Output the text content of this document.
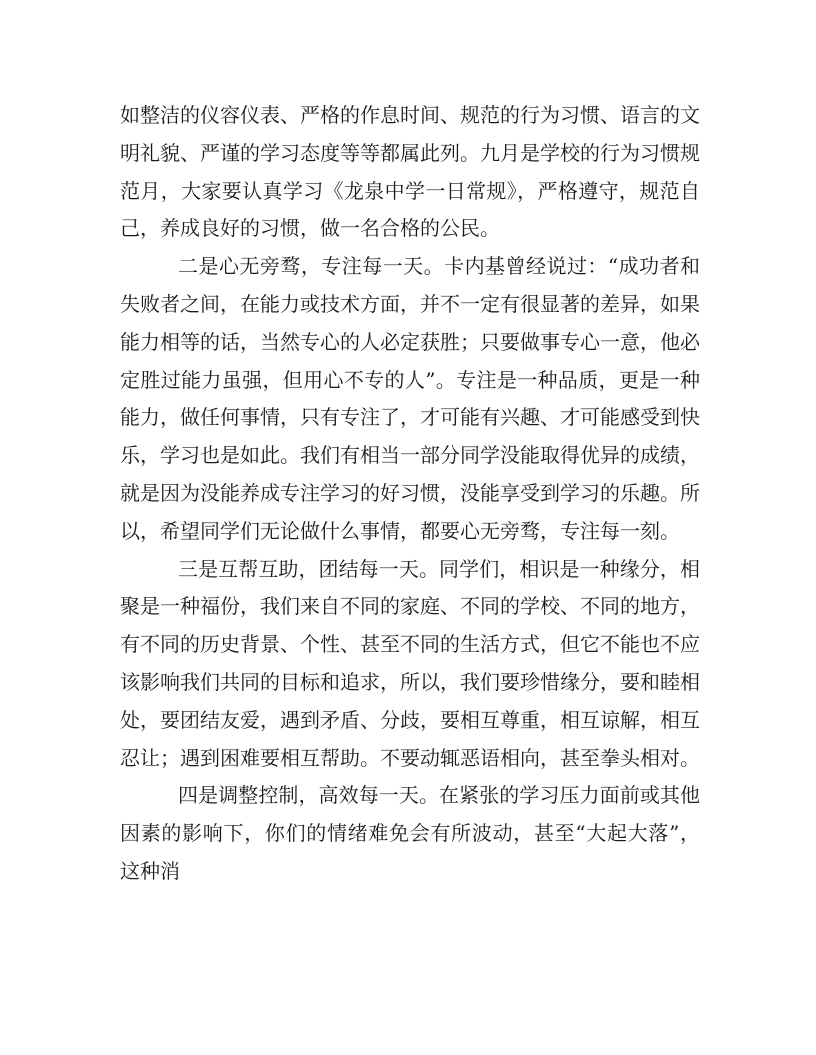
如整洁的仪容仪表、严格的作息时间、规范的行为习惯、语言的文明礼貌、严谨的学习态度等等都属此列。九月是学校的行为习惯规范月，大家要认真学习《龙泉中学一日常规》，严格遵守，规范自己，养成良好的习惯，做一名合格的公民。

二是心无旁骛，专注每一天。卡内基曾经说过：“成功者和失败者之间，在能力或技术方面，并不一定有很显著的差异，如果能力相等的话，当然专心的人必定获胜；只要做事专心一意，他必定胜过能力虽强，但用心不专的人”。专注是一种品质，更是一种能力，做任何事情，只有专注了，才可能有兴趣、才可能感受到快乐，学习也是如此。我们有相当一部分同学没能取得优异的成绩，就是因为没能养成专注学习的好习惯，没能享受到学习的乐趣。所以，希望同学们无论做什么事情，都要心无旁骛，专注每一刻。

三是互帮互助，团结每一天。同学们，相识是一种缘分，相聚是一种福份，我们来自不同的家庭、不同的学校、不同的地方，有不同的历史背景、个性、甚至不同的生活方式，但它不能也不应该影响我们共同的目标和追求，所以，我们要珍惜缘分，要和睦相处，要团结友爱，遇到矛盾、分歧，要相互尊重，相互谅解，相互忍让；遇到困难要相互帮助。不要动辄恶语相向，甚至拳头相对。

四是调整控制，高效每一天。在紧张的学习压力面前或其他因素的影响下，你们的情绪难免会有所波动，甚至“大起大落”，这种消
